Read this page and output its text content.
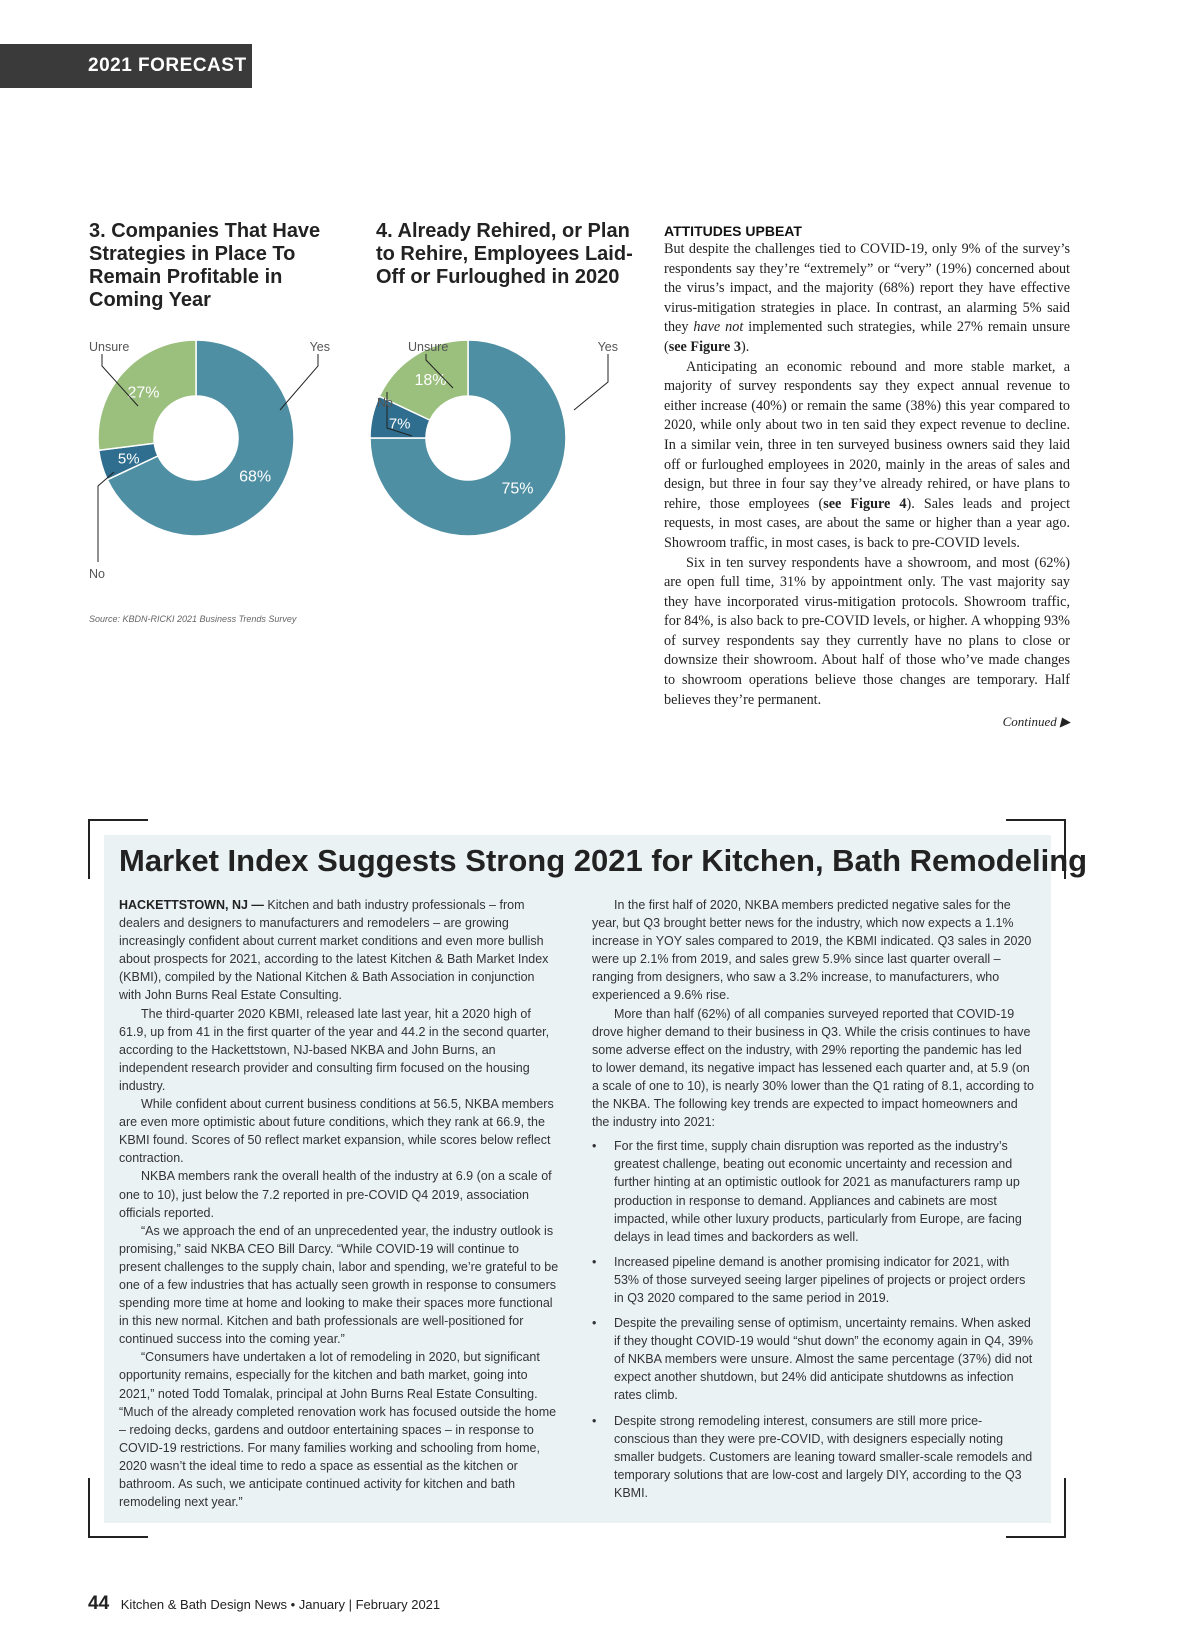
2021 FORECAST
3. Companies That Have Strategies in Place To Remain Profitable in Coming Year
4. Already Rehired, or Plan to Rehire, Employees Laid-Off or Furloughed in 2020
68%
5%
27%
Unsure	Yes
No
75%
7%
18%
Unsure	Yes
No
Source: KBDN-RICKI 2021 Business Trends Survey
ATTITUDES UPBEAT

But despite the challenges tied to COVID-19, only 9% of the survey’s respondents say they’re “extremely” or “very” (19%) concerned about the virus’s impact, and the majority (68%) report they have effective virus-mitigation strategies in place. In contrast, an alarming 5% said they have not implemented such strategies, while 27% remain unsure (see Figure 3).

Anticipating an economic rebound and more stable market, a majority of survey respondents say they expect annual revenue to either increase (40%) or remain the same (38%) this year compared to 2020, while only about two in ten said they expect revenue to decline. In a similar vein, three in ten surveyed business owners said they laid off or furloughed employees in 2020, mainly in the areas of sales and design, but three in four say they’ve already rehired, or have plans to rehire, those employees (see Figure 4). Sales leads and project requests, in most cases, are about the same or higher than a year ago. Showroom traffic, in most cases, is back to pre-COVID levels.

Six in ten survey respondents have a showroom, and most (62%) are open full time, 31% by appointment only. The vast majority say they have incorporated virus-mitigation protocols. Showroom traffic, for 84%, is also back to pre-COVID levels, or higher. A whopping 93% of survey respondents say they currently have no plans to close or downsize their showroom. About half of those who’ve made changes to showroom operations believe those changes are temporary. Half believes they’re permanent.

Continued ▶
Market Index Suggests Strong 2021 for Kitchen, Bath Remodeling

HACKETTSTOWN, NJ — Kitchen and bath industry professionals – from dealers and designers to manufacturers and remodelers – are growing increasingly confident about current market conditions and even more bullish about prospects for 2021, according to the latest Kitchen & Bath Market Index (KBMI), compiled by the National Kitchen & Bath Association in conjunction with John Burns Real Estate Consulting.

The third-quarter 2020 KBMI, released late last year, hit a 2020 high of 61.9, up from 41 in the first quarter of the year and 44.2 in the second quarter, according to the Hackettstown, NJ-based NKBA and John Burns, an independent research provider and consulting firm focused on the housing industry.

While confident about current business conditions at 56.5, NKBA members are even more optimistic about future conditions, which they rank at 66.9, the KBMI found. Scores of 50 reflect market expansion, while scores below reflect contraction.

NKBA members rank the overall health of the industry at 6.9 (on a scale of one to 10), just below the 7.2 reported in pre-COVID Q4 2019, association officials reported.

“As we approach the end of an unprecedented year, the industry outlook is promising,” said NKBA CEO Bill Darcy. “While COVID-19 will continue to present challenges to the supply chain, labor and spending, we’re grateful to be one of a few industries that has actually seen growth in response to consumers spending more time at home and looking to make their spaces more functional in this new normal. Kitchen and bath professionals are well-positioned for continued success into the coming year.”

“Consumers have undertaken a lot of remodeling in 2020, but significant opportunity remains, especially for the kitchen and bath market, going into 2021,” noted Todd Tomalak, principal at John Burns Real Estate Consulting. “Much of the already completed renovation work has focused outside the home – redoing decks, gardens and outdoor entertaining spaces – in response to COVID-19 restrictions. For many families working and schooling from home, 2020 wasn’t the ideal time to redo a space as essential as the kitchen or bathroom. As such, we anticipate continued activity for kitchen and bath remodeling next year.”

In the first half of 2020, NKBA members predicted negative sales for the year, but Q3 brought better news for the industry, which now expects a 1.1% increase in YOY sales compared to 2019, the KBMI indicated. Q3 sales in 2020 were up 2.1% from 2019, and sales grew 5.9% since last quarter overall – ranging from designers, who saw a 3.2% increase, to manufacturers, who experienced a 9.6% rise.

More than half (62%) of all companies surveyed reported that COVID-19 drove higher demand to their business in Q3. While the crisis continues to have some adverse effect on the industry, with 29% reporting the pandemic has led to lower demand, its negative impact has lessened each quarter and, at 5.9 (on a scale of one to 10), is nearly 30% lower than the Q1 rating of 8.1, according to the NKBA. The following key trends are expected to impact homeowners and the industry into 2021:

• For the first time, supply chain disruption was reported as the industry’s greatest challenge, beating out economic uncertainty and recession and further hinting at an optimistic outlook for 2021 as manufacturers ramp up production in response to demand. Appliances and cabinets are most impacted, while other luxury products, particularly from Europe, are facing delays in lead times and backorders as well.
• Increased pipeline demand is another promising indicator for 2021, with 53% of those surveyed seeing larger pipelines of projects or project orders in Q3 2020 compared to the same period in 2019.
• Despite the prevailing sense of optimism, uncertainty remains. When asked if they thought COVID-19 would “shut down” the economy again in Q4, 39% of NKBA members were unsure. Almost the same percentage (37%) did not expect another shutdown, but 24% did anticipate shutdowns as infection rates climb.
• Despite strong remodeling interest, consumers are still more price-conscious than they were pre-COVID, with designers especially noting smaller budgets. Customers are leaning toward smaller-scale remodels and temporary solutions that are low-cost and largely DIY, according to the Q3 KBMI.
44 Kitchen & Bath Design News • January | February 2021
